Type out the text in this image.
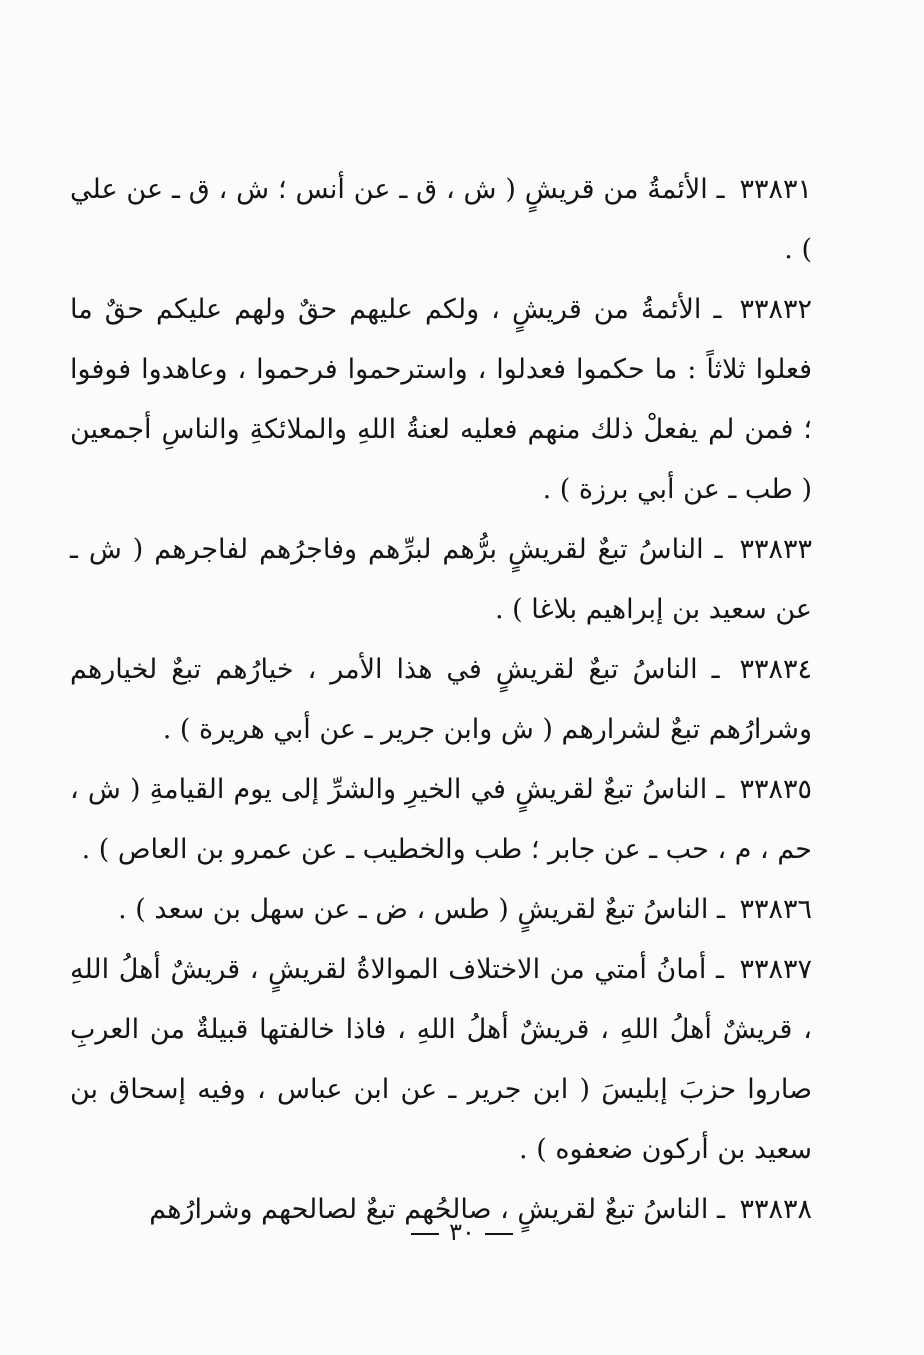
٣٣٨٣١ ـ الأئمةُ من قريشٍ ( ش ، ق ـ عن أنس ؛ ش ، ق ـ عن علي ) .

٣٣٨٣٢ ـ الأئمةُ من قريشٍ ، ولكم عليهم حقٌ ولهم عليكم حقٌ ما فعلوا ثلاثاً : ما حكموا فعدلوا ، واسترحموا فرحموا ، وعاهدوا فوفوا ؛ فمن لم يفعلْ ذلك منهم فعليه لعنةُ اللهِ والملائكةِ والناسِ أجمعين ( طب ـ عن أبي برزة ) .

٣٣٨٣٣ ـ الناسُ تبعٌ لقريشٍ برُّهم لبرِّهم وفاجرُهم لفاجرهم ( ش ـ عن سعيد بن إبراهيم بلاغا ) .

٣٣٨٣٤ ـ الناسُ تبعٌ لقريشٍ في هذا الأمر ، خيارُهم تبعٌ لخيارهم وشرارُهم تبعٌ لشرارهم ( ش وابن جرير ـ عن أبي هريرة ) .

٣٣٨٣٥ ـ الناسُ تبعٌ لقريشٍ في الخيرِ والشرِّ إلى يوم القيامةِ ( ش ، حم ، م ، حب ـ عن جابر ؛ طب والخطيب ـ عن عمرو بن العاص ) .

٣٣٨٣٦ ـ الناسُ تبعٌ لقريشٍ ( طس ، ض ـ عن سهل بن سعد ) .

٣٣٨٣٧ ـ أمانُ أمتي من الاختلاف الموالاةُ لقريشٍ ، قريشٌ أهلُ اللهِ ، قريشٌ أهلُ اللهِ ، قريشٌ أهلُ اللهِ ، فاذا خالفتها قبيلةٌ من العربِ صاروا حزبَ إبليسَ ( ابن جرير ـ عن ابن عباس ، وفيه إسحاق بن سعيد بن أركون ضعفوه ) .

٣٣٨٣٨ ـ الناسُ تبعٌ لقريشٍ ، صالحُهم تبعٌ لصالحهم وشرارُهم

٣٠
